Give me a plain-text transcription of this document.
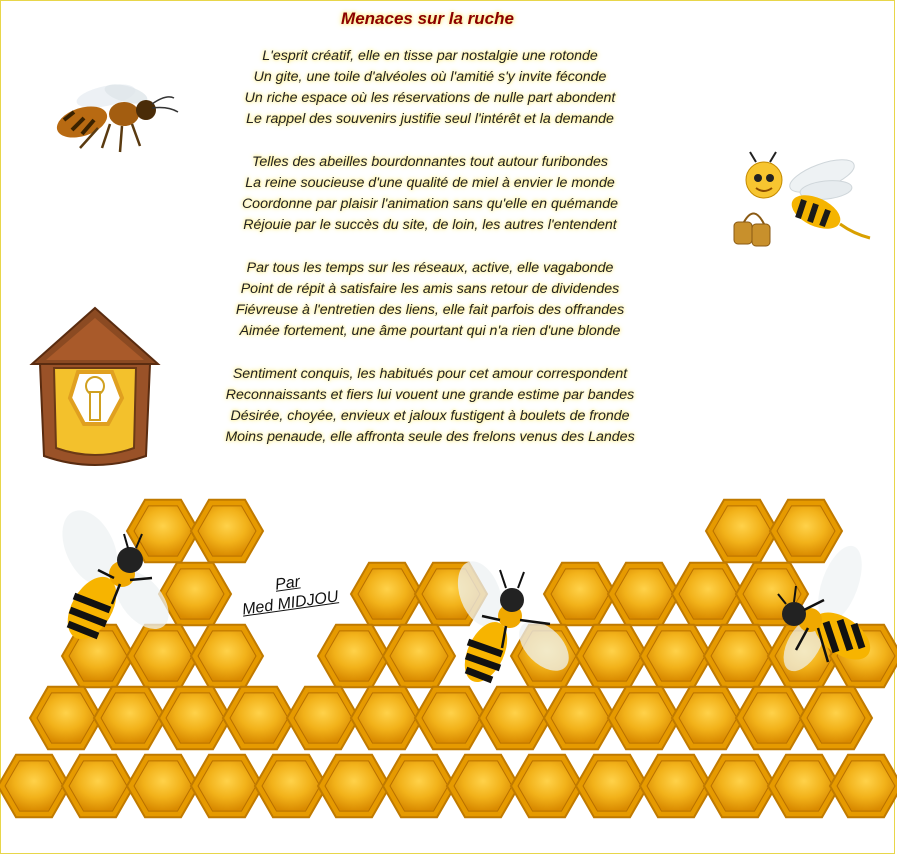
Menaces sur la ruche
L'esprit créatif, elle en tisse par nostalgie une rotonde
Un gite, une toile d'alvéoles où l'amitié s'y invite féconde
Un riche espace où les réservations de nulle part abondent
Le rappel des souvenirs justifie seul l'intérêt et la demande
Telles des abeilles bourdonnantes tout autour furibondes
La reine soucieuse d'une qualité de miel à envier le monde
Coordonne par plaisir l'animation sans qu'elle en quémande
Réjouie par le succès du site, de loin, les autres l'entendent
Par tous les temps sur les réseaux, active, elle vagabonde
Point de répit à satisfaire les amis sans retour de dividendes
Fiévreuse à l'entretien des liens, elle fait parfois des offrandes
Aimée fortement, une âme pourtant qui n'a rien d'une blonde
Sentiment conquis, les habitués pour cet amour correspondent
Reconnaissants et fiers lui vouent une grande estime par bandes
Désirée, choyée, envieux et jaloux fustigent à boulets de fronde
Moins penaude, elle affronta seule des frelons venus des Landes
Par
Med MIDJOU
